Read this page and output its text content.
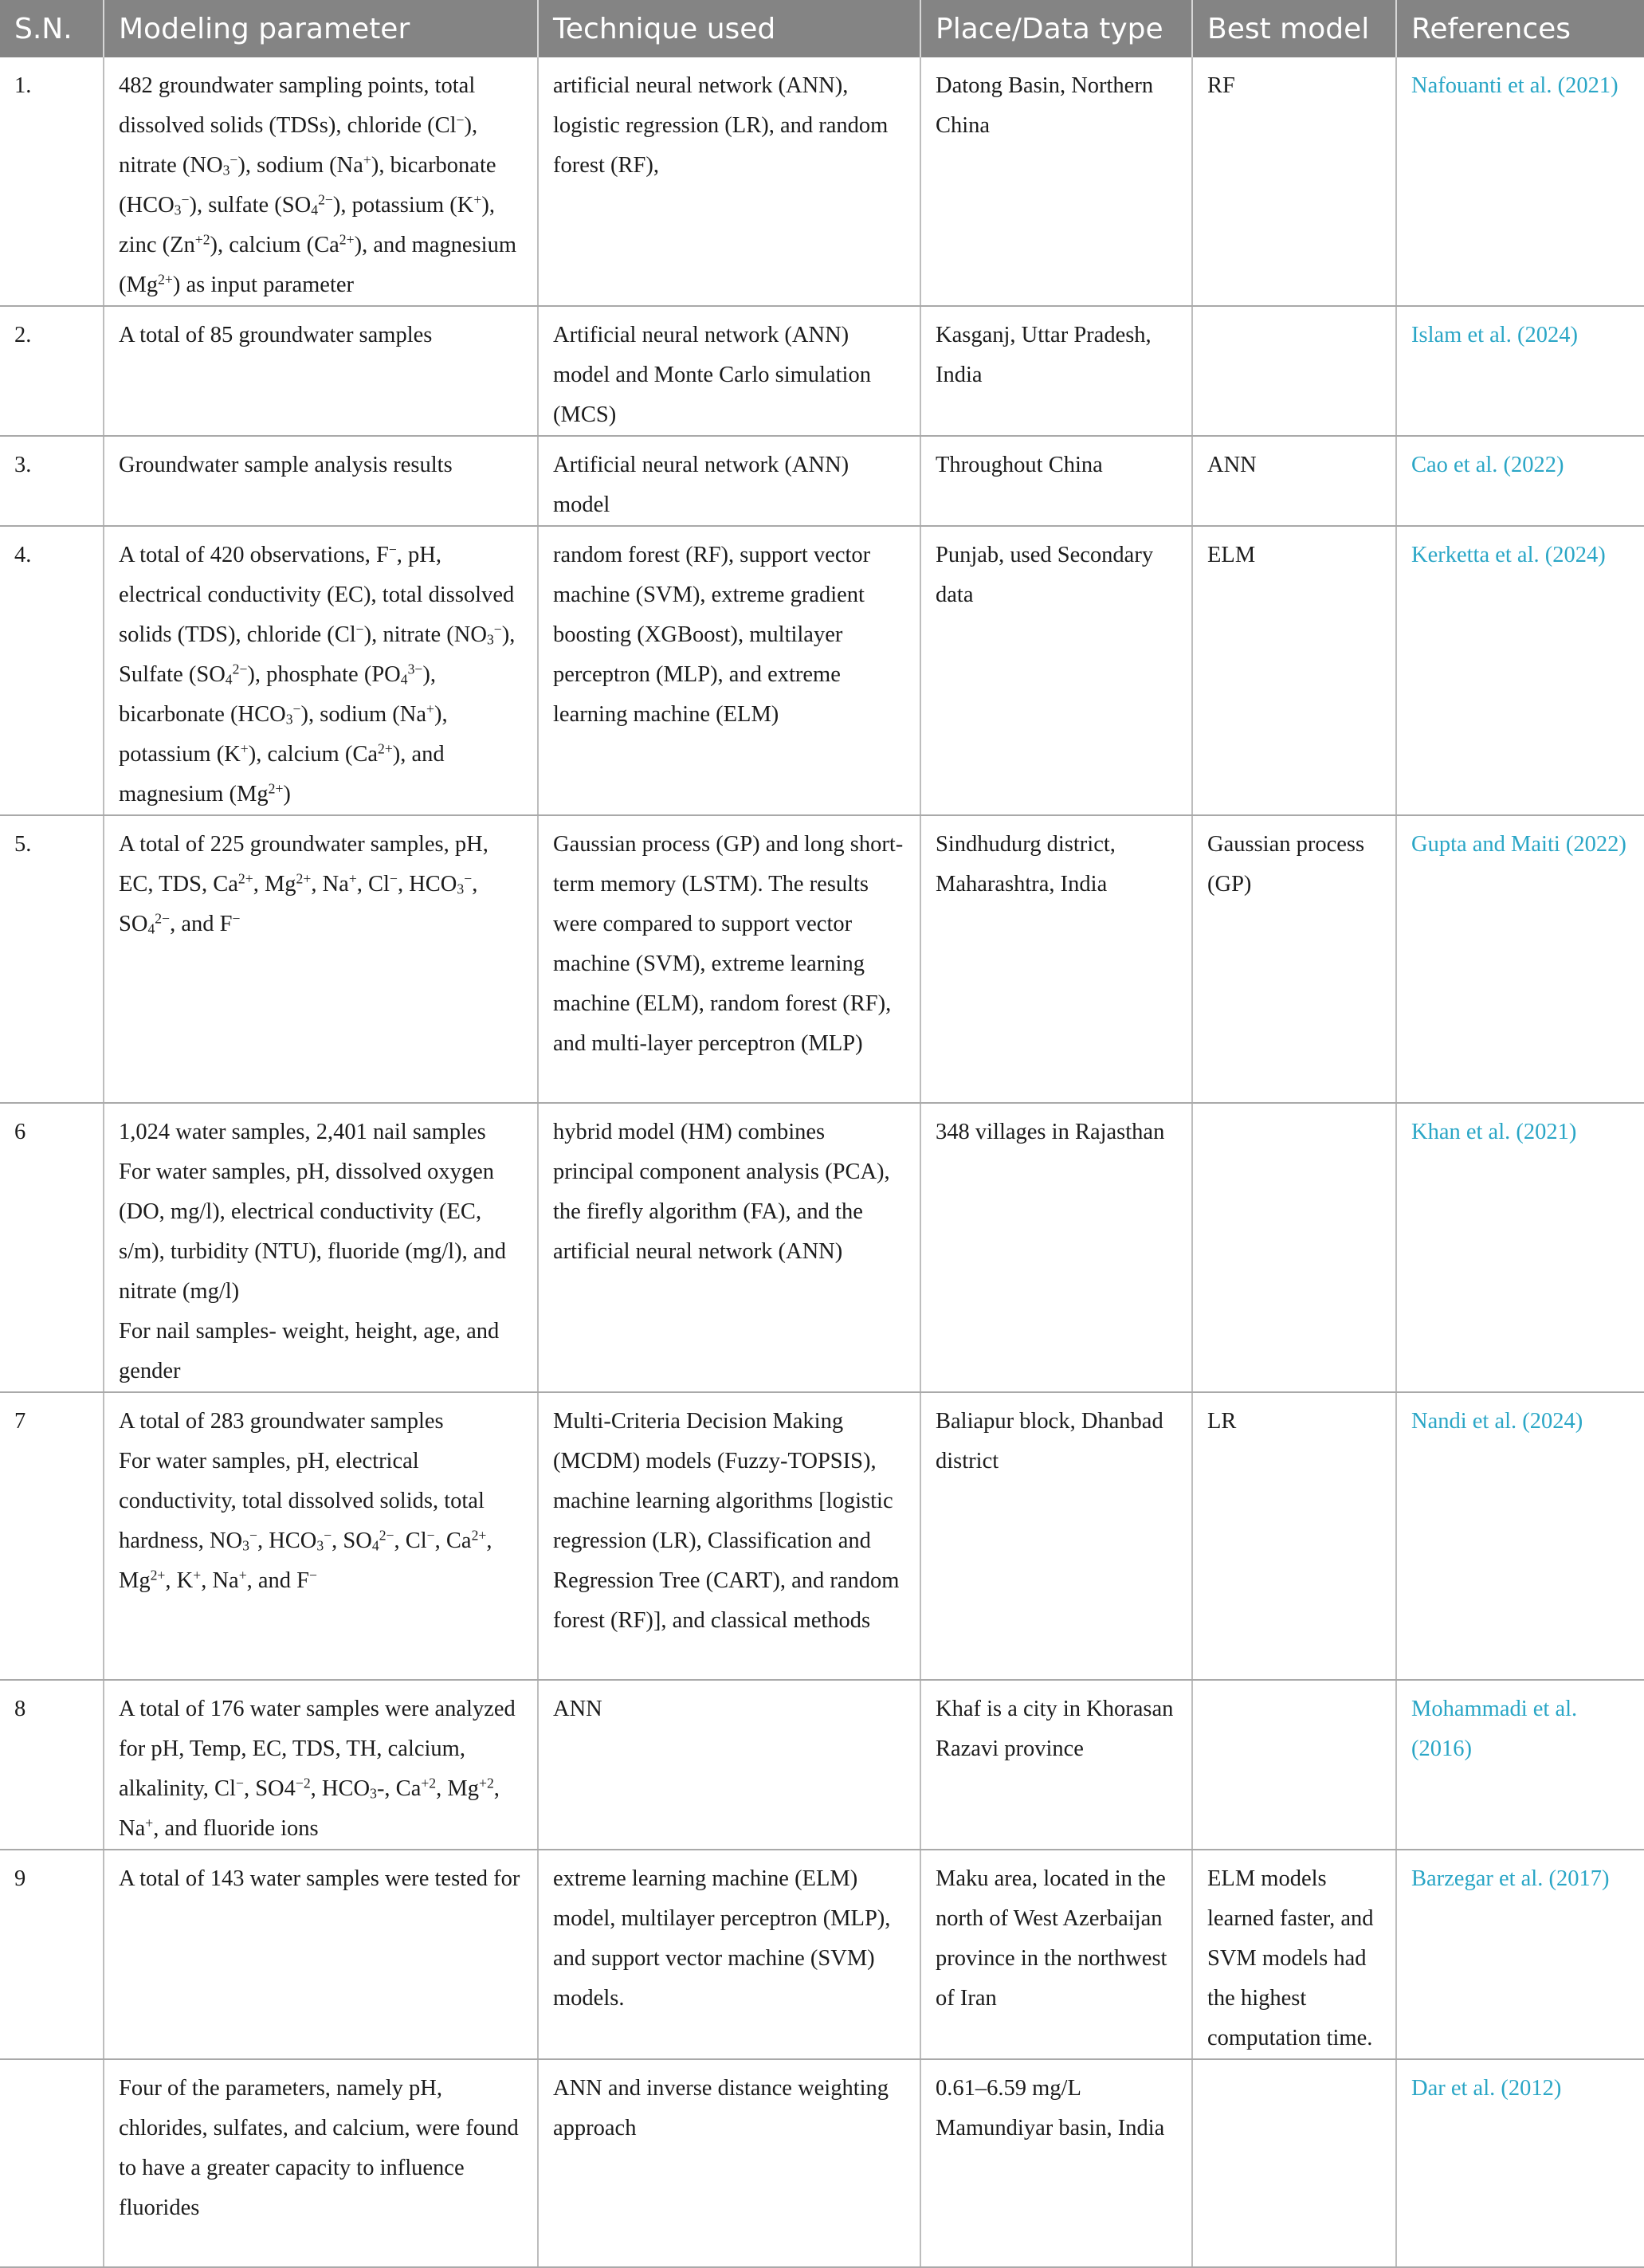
S.N.	Modeling parameter	Technique used	Place/Data type	Best model	References
1.	482 groundwater sampling points, total dissolved solids (TDSs), chloride (Cl−), nitrate $(NO_3^-)$, sodium (Na+), bicarbonate $(HCO_3^-)$, sulfate $(SO_4^{2-})$, potassium (K+), zinc $(Zn^{+2})$, calcium $(Ca^{2+})$, and magnesium $(Mg^{2+})$ as input parameter	artificial neural network (ANN), logistic regression (LR), and random forest (RF),	Datong Basin, Northern China	RF	Nafouanti et al. (2021)
2.	A total of 85 groundwater samples	Artificial neural network (ANN) model and Monte Carlo simulation (MCS)	Kasganj, Uttar Pradesh, India		Islam et al. (2024)
3.	Groundwater sample analysis results	Artificial neural network (ANN) model	Throughout China	ANN	Cao et al. (2022)
4.	A total of 420 observations, F−, pH, electrical conductivity (EC), total dissolved solids (TDS), chloride (Cl−), nitrate $(NO_3^-)$, Sulfate $(SO_4^{2-})$, phosphate $(PO_4^{3-})$, bicarbonate $(HCO_3^-)$, sodium (Na+), potassium (K+), calcium $(Ca^{2+})$, and magnesium $(Mg^{2+})$	random forest (RF), support vector machine (SVM), extreme gradient boosting (XGBoost), multilayer perceptron (MLP), and extreme learning machine (ELM)	Punjab, used Secondary data	ELM	Kerketta et al. (2024)
5.	A total of 225 groundwater samples, pH, EC, TDS, $Ca^{2+}$, $Mg^{2+}$, Na+, Cl−, $HCO_3^-$, $SO_4^{2-}$, and F−	Gaussian process (GP) and long short-term memory (LSTM). The results were compared to support vector machine (SVM), extreme learning machine (ELM), random forest (RF), and multi-layer perceptron (MLP)	Sindhudurg district, Maharashtra, India	Gaussian process (GP)	Gupta and Maiti (2022)
6	1,024 water samples, 2,401 nail samples
For water samples, pH, dissolved oxygen (DO, mg/l), electrical conductivity (EC, s/m), turbidity (NTU), fluoride (mg/l), and nitrate (mg/l)
For nail samples- weight, height, age, and gender	hybrid model (HM) combines principal component analysis (PCA), the firefly algorithm (FA), and the artificial neural network (ANN)	348 villages in Rajasthan		Khan et al. (2021)
7	A total of 283 groundwater samples
For water samples, pH, electrical conductivity, total dissolved solids, total hardness, $NO_3^-$, $HCO_3^-$, $SO_4^{2-}$, Cl−, $Ca^{2+}$, $Mg^{2+}$, K+, Na+, and F−	Multi-Criteria Decision Making (MCDM) models (Fuzzy-TOPSIS), machine learning algorithms [logistic regression (LR), Classification and Regression Tree (CART), and random forest (RF)], and classical methods	Baliapur block, Dhanbad district	LR	Nandi et al. (2024)
8	A total of 176 water samples were analyzed for pH, Temp, EC, TDS, TH, calcium, alkalinity, Cl−, $SO4^{-2}$, $HCO_3-$, $Ca^{+2}$, $Mg^{+2}$, Na+, and fluoride ions	ANN	Khaf is a city in Khorasan Razavi province		Mohammadi et al. (2016)
9	A total of 143 water samples were tested for	extreme learning machine (ELM) model, multilayer perceptron (MLP), and support vector machine (SVM) models.	Maku area, located in the north of West Azerbaijan province in the northwest of Iran	ELM models learned faster, and SVM models had the highest computation time.	Barzegar et al. (2017)
	Four of the parameters, namely pH, chlorides, sulfates, and calcium, were found to have a greater capacity to influence fluorides	ANN and inverse distance weighting approach	0.61–6.59 mg/L Mamundiyar basin, India		Dar et al. (2012)
